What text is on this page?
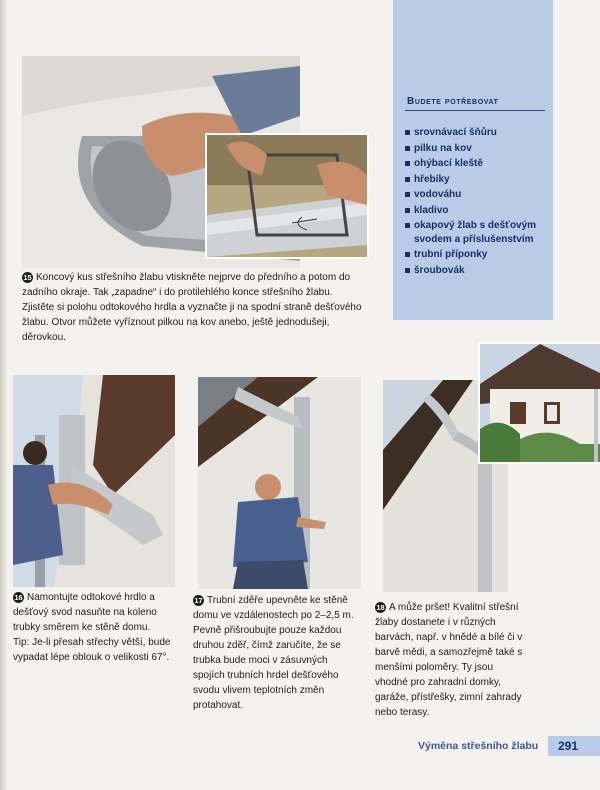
Budete potřebovat
srovnávací šňůru
pilku na kov
ohýbací kleště
hřebíky
vodováhu
kladivo
okapový žlab s dešťovým svodem a příslušenstvím
trubní příponky
šroubovák

15 Koncový kus střešního žlabu vtiskněte nejprve do předního a potom do zadního okraje. Tak „zapadne“ i do protilehlého konce střešního žlabu. Zjistěte si polohu odtokového hrdla a vyznačte ji na spodní straně dešťového žlabu. Otvor můžete vyříznout pilkou na kov anebo, ještě jednodušeji, děrovkou.

16 Namontujte odtokové hrdlo a dešťový svod nasuňte na koleno trubky směrem ke stěně domu.
Tip: Je-li přesah střechy větší, bude vypadat lépe oblouk o velikosti 67°.

17 Trubní zděře upevněte ke stěně domu ve vzdálenostech po 2–2,5 m. Pevně přišroubujte pouze každou druhou zděř, čímž zaručíte, že se trubka bude moci v zásuvných spojích trubních hrdel dešťového svodu vlivem teplotních změn protahovat.

18 A může pršet! Kvalitní střešní žlaby dostanete i v různých barvách, např. v hnědé a bílé či v barvě mědi, a samozřejmě také s menšími poloměry. Ty jsou vhodné pro zahradní domky, garáže, přístřešky, zimní zahrady nebo terasy.

Výměna střešního žlabu 291
